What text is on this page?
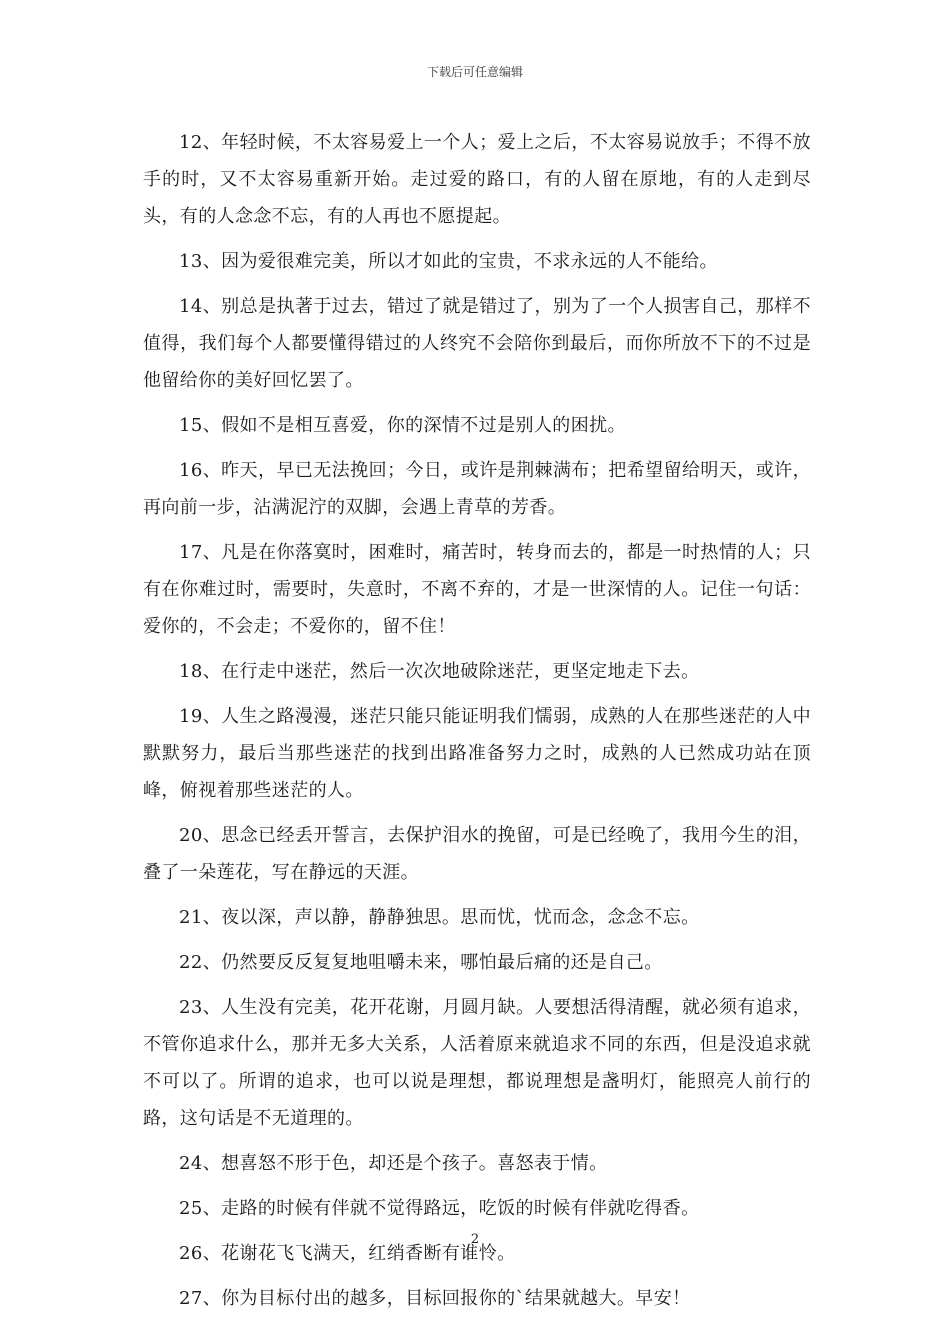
下载后可任意编辑

12、年轻时候，不太容易爱上一个人；爱上之后，不太容易说放手；不得不放手的时，又不太容易重新开始。走过爱的路口，有的人留在原地，有的人走到尽头，有的人念念不忘，有的人再也不愿提起。

13、因为爱很难完美，所以才如此的宝贵，不求永远的人不能给。

14、别总是执著于过去，错过了就是错过了，别为了一个人损害自己，那样不值得，我们每个人都要懂得错过的人终究不会陪你到最后，而你所放不下的不过是他留给你的美好回忆罢了。

15、假如不是相互喜爱，你的深情不过是别人的困扰。

16、昨天，早已无法挽回；今日，或许是荆棘满布；把希望留给明天，或许，再向前一步，沾满泥泞的双脚，会遇上青草的芳香。

17、凡是在你落寞时，困难时，痛苦时，转身而去的，都是一时热情的人；只有在你难过时，需要时，失意时，不离不弃的，才是一世深情的人。记住一句话：爱你的，不会走；不爱你的，留不住！

18、在行走中迷茫，然后一次次地破除迷茫，更坚定地走下去。

19、人生之路漫漫，迷茫只能只能证明我们懦弱，成熟的人在那些迷茫的人中默默努力，最后当那些迷茫的找到出路准备努力之时，成熟的人已然成功站在顶峰，俯视着那些迷茫的人。

20、思念已经丢开誓言，去保护泪水的挽留，可是已经晚了，我用今生的泪，叠了一朵莲花，写在静远的天涯。

21、夜以深，声以静，静静独思。思而忧，忧而念，念念不忘。

22、仍然要反反复复地咀嚼未来，哪怕最后痛的还是自己。

23、人生没有完美，花开花谢，月圆月缺。人要想活得清醒，就必须有追求，不管你追求什么，那并无多大关系，人活着原来就追求不同的东西，但是没追求就不可以了。所谓的追求，也可以说是理想，都说理想是盏明灯，能照亮人前行的路，这句话是不无道理的。

24、想喜怒不形于色，却还是个孩子。喜怒表于情。

25、走路的时候有伴就不觉得路远，吃饭的时候有伴就吃得香。

26、花谢花飞飞满天，红绡香断有谁怜。

27、你为目标付出的越多，目标回报你的`结果就越大。早安！

2
